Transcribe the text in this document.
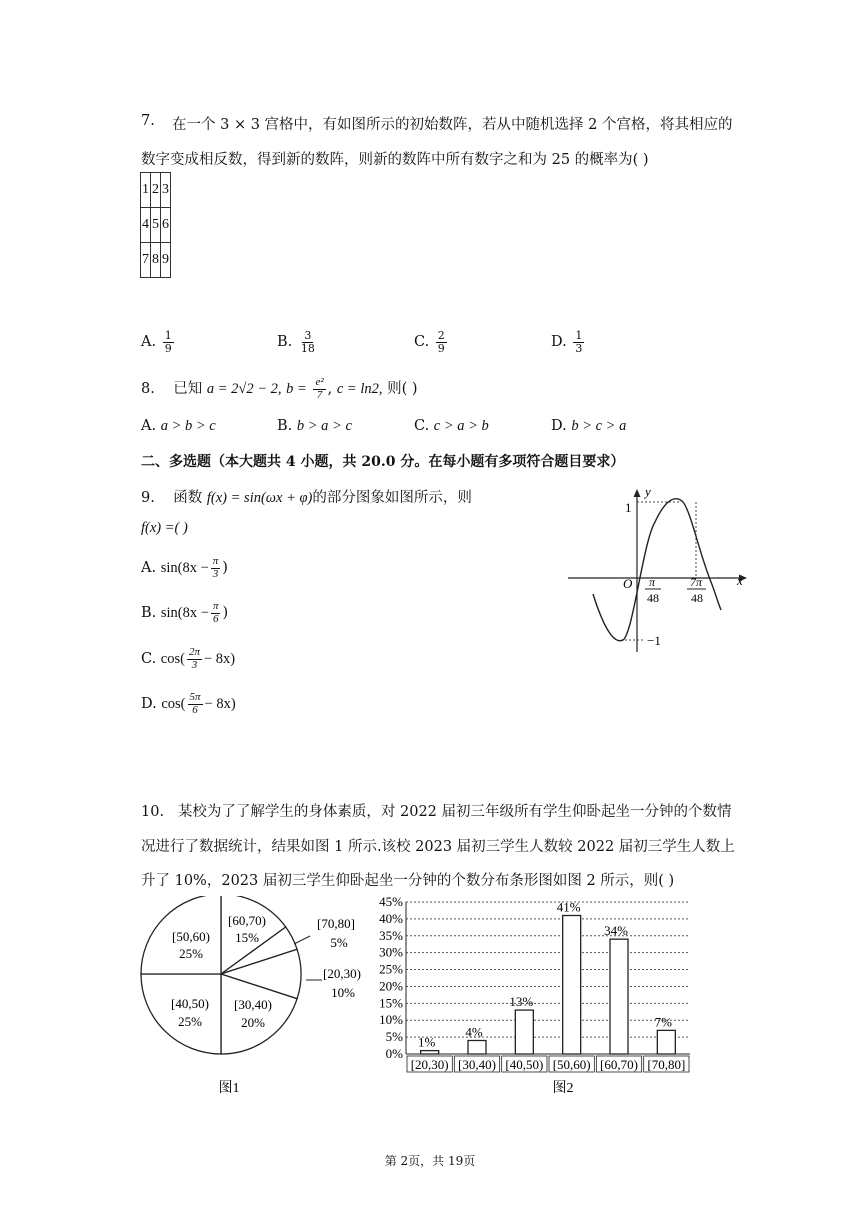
7. 在一个 3 × 3 宫格中，有如图所示的初始数阵，若从中随机选择 2 个宫格，将其相应的
数字变成相反数，得到新的数阵，则新的数阵中所有数字之和为 25 的概率为( )
1	2	3
4	5	6
7	8	9
A. $\frac{1}{9}$	B. $\frac{3}{18}$	C. $\frac{2}{9}$	D. $\frac{1}{3}$
8. 已知 a = 2√2 − 2, $b = \frac{\text{e²}}{7}$ , c = ln2, 则( )
A. a > b > c	B. b > a > c	C. c > a > b	D. b > c > a
二、多选题（本大题共 4 小题，共 20.0 分。在每小题有多项符合题目要求）
9. 函数 f(x) = sin(ωx + φ)的部分图象如图所示，则
f(x) =( )
A. $\sin(8x - \frac{\pi}{3}$ )
B. $\sin(8x - \frac{\pi}{6}$ )
C. $\cos( \frac{2\pi}{3} - 8x)$
D. $\cos( \frac{5\pi}{6} - 8x)$
y
x
O
1
−1
π
48
7π
48
10. 某校为了了解学生的身体素质，对 2022 届初三年级所有学生仰卧起坐一分钟的个数情
况进行了数据统计，结果如图 1 所示.该校 2023 届初三学生人数较 2022 届初三学生人数上
升了 10%，2023 届初三学生仰卧起坐一分钟的个数分布条形图如图 2 所示，则( )
[70,80]
5%
[20,30)
10%
[60,70)
15%
[50,60)
25%
[40,50)
25%
[30,40)
20%
图1
0%
5%
10%
15%
20%
25%
30%
35%
40%
45%
1%
4%
13%
41%
34%
7%
[20,30) [30,40) [40,50) [50,60) [60,70) [70,80]
图2
第 2页，共 19页
